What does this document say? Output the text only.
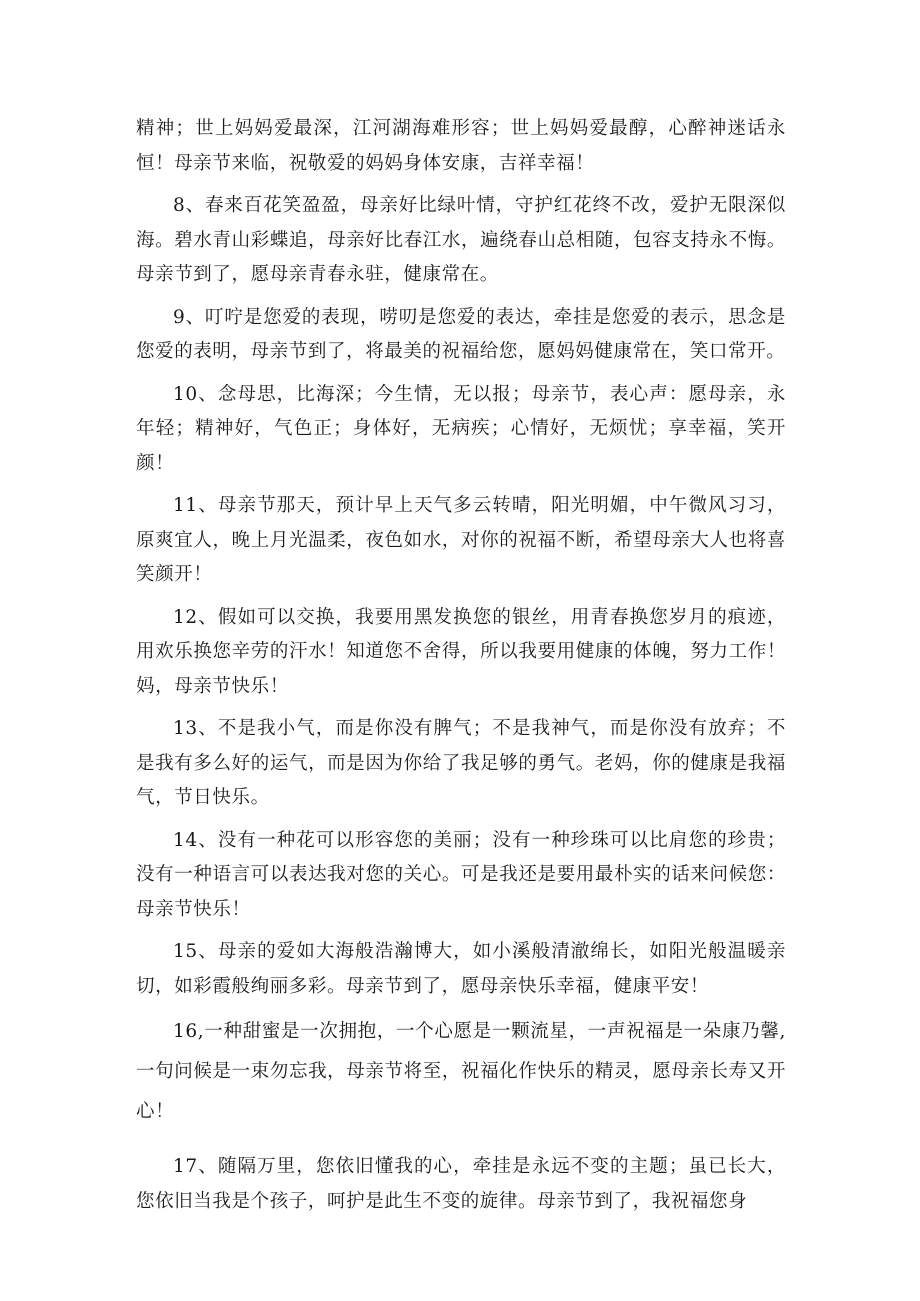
精神；世上妈妈爱最深，江河湖海难形容；世上妈妈爱最醇，心醉神迷话永恒！母亲节来临，祝敬爱的妈妈身体安康，吉祥幸福！

8、春来百花笑盈盈，母亲好比绿叶情，守护红花终不改，爱护无限深似海。碧水青山彩蝶追，母亲好比春江水，遍绕春山总相随，包容支持永不悔。母亲节到了，愿母亲青春永驻，健康常在。

9、叮咛是您爱的表现，唠叨是您爱的表达，牵挂是您爱的表示，思念是您爱的表明，母亲节到了，将最美的祝福给您，愿妈妈健康常在，笑口常开。

10、念母思，比海深；今生情，无以报；母亲节，表心声：愿母亲，永年轻；精神好，气色正；身体好，无病疾；心情好，无烦忧；享幸福，笑开颜！

11、母亲节那天，预计早上天气多云转晴，阳光明媚，中午微风习习，原爽宜人，晚上月光温柔，夜色如水，对你的祝福不断，希望母亲大人也将喜笑颜开！

12、假如可以交换，我要用黑发换您的银丝，用青春换您岁月的痕迹，用欢乐换您辛劳的汗水！知道您不舍得，所以我要用健康的体魄，努力工作！妈，母亲节快乐！

13、不是我小气，而是你没有脾气；不是我神气，而是你没有放弃；不是我有多么好的运气，而是因为你给了我足够的勇气。老妈，你的健康是我福气，节日快乐。

14、没有一种花可以形容您的美丽；没有一种珍珠可以比肩您的珍贵；没有一种语言可以表达我对您的关心。可是我还是要用最朴实的话来问候您：母亲节快乐！

15、母亲的爱如大海般浩瀚博大，如小溪般清澈绵长，如阳光般温暖亲切，如彩霞般绚丽多彩。母亲节到了，愿母亲快乐幸福，健康平安！

16,一种甜蜜是一次拥抱，一个心愿是一颗流星，一声祝福是一朵康乃馨,一句问候是一束勿忘我，母亲节将至，祝福化作快乐的精灵，愿母亲长寿又开心！

17、随隔万里，您依旧懂我的心，牵挂是永远不变的主题；虽已长大，您依旧当我是个孩子，呵护是此生不变的旋律。母亲节到了，我祝福您身
